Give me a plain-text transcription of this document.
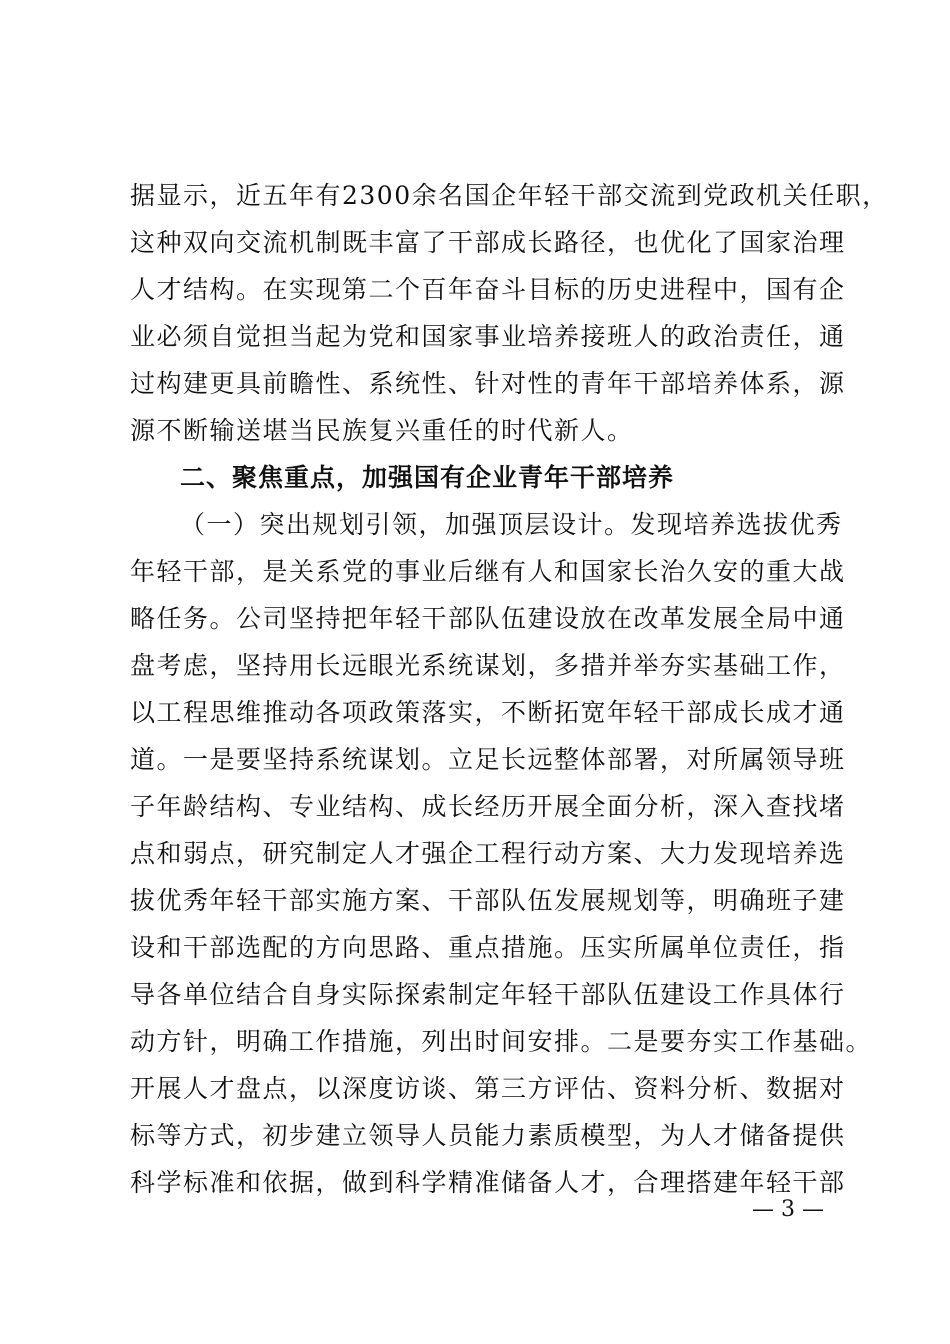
据显示，近五年有2300余名国企年轻干部交流到党政机关任职，
这种双向交流机制既丰富了干部成长路径，也优化了国家治理
人才结构。在实现第二个百年奋斗目标的历史进程中，国有企
业必须自觉担当起为党和国家事业培养接班人的政治责任，通
过构建更具前瞻性、系统性、针对性的青年干部培养体系，源
源不断输送堪当民族复兴重任的时代新人。
二、聚焦重点，加强国有企业青年干部培养
（一）突出规划引领，加强顶层设计。发现培养选拔优秀
年轻干部，是关系党的事业后继有人和国家长治久安的重大战
略任务。公司坚持把年轻干部队伍建设放在改革发展全局中通
盘考虑，坚持用长远眼光系统谋划，多措并举夯实基础工作，
以工程思维推动各项政策落实，不断拓宽年轻干部成长成才通
道。一是要坚持系统谋划。立足长远整体部署，对所属领导班
子年龄结构、专业结构、成长经历开展全面分析，深入查找堵
点和弱点，研究制定人才强企工程行动方案、大力发现培养选
拔优秀年轻干部实施方案、干部队伍发展规划等，明确班子建
设和干部选配的方向思路、重点措施。压实所属单位责任，指
导各单位结合自身实际探索制定年轻干部队伍建设工作具体行
动方针，明确工作措施，列出时间安排。二是要夯实工作基础。
开展人才盘点，以深度访谈、第三方评估、资料分析、数据对
标等方式，初步建立领导人员能力素质模型，为人才储备提供
科学标准和依据，做到科学精准储备人才，合理搭建年轻干部
— 3 —
